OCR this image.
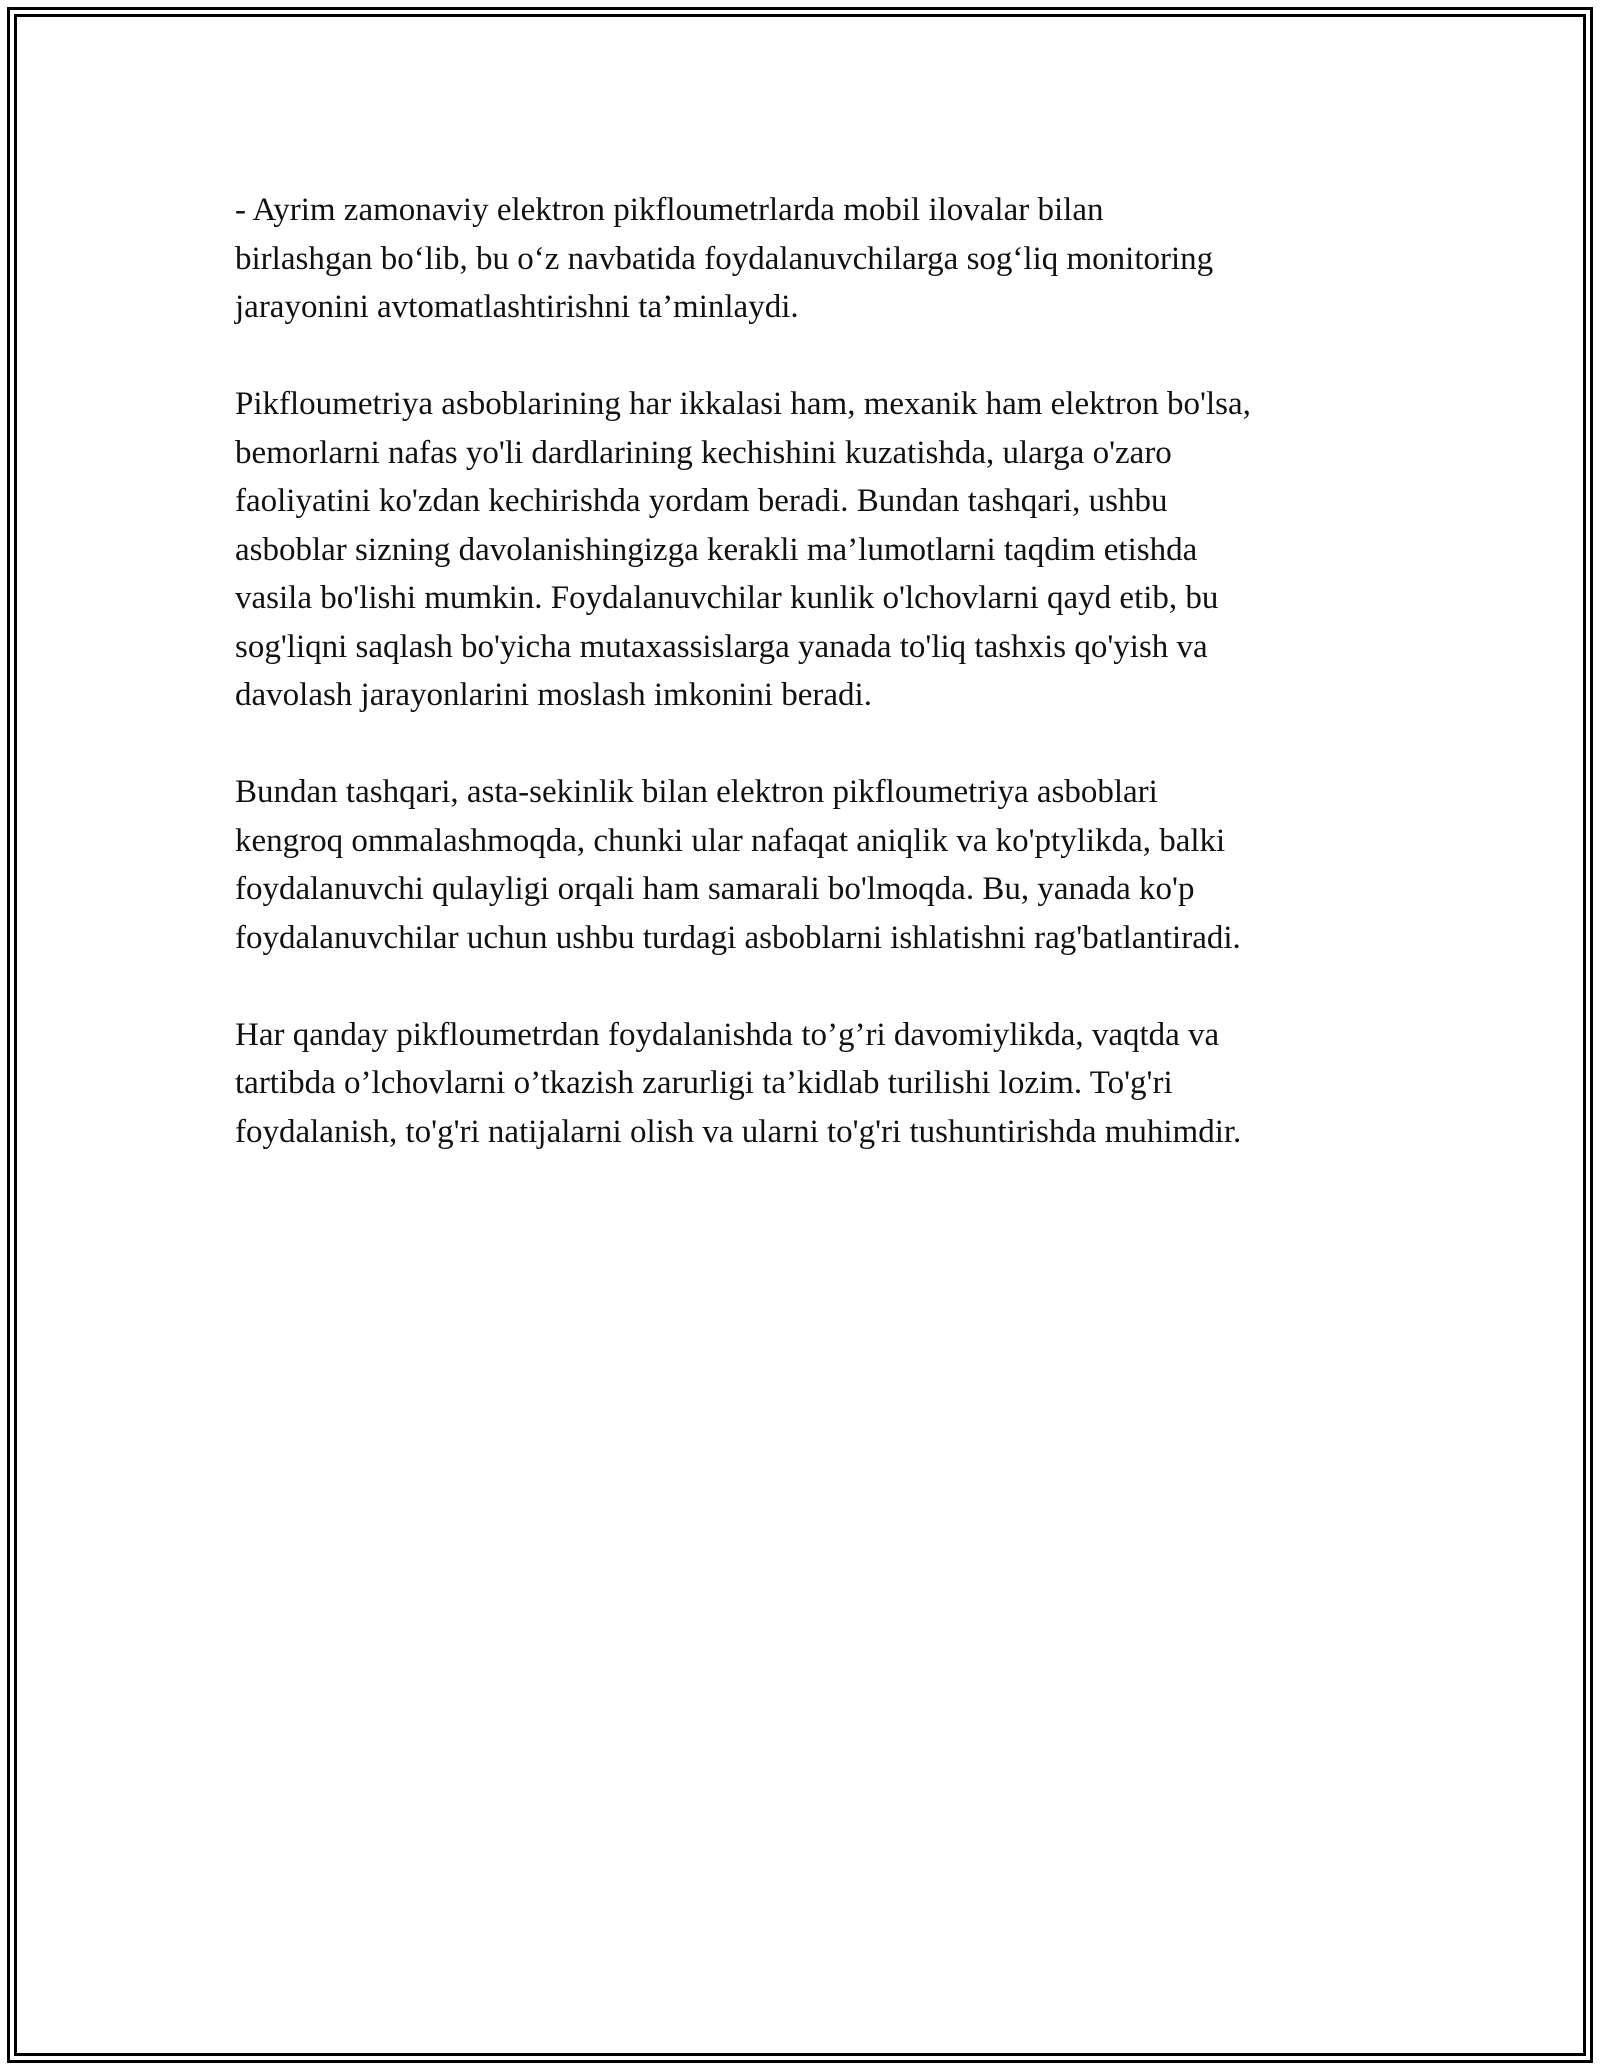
- Ayrim zamonaviy elektron pikfloumetrlarda mobil ilovalar bilan
birlashgan bo‘lib, bu o‘z navbatida foydalanuvchilarga sog‘liq monitoring
jarayonini avtomatlashtirishni ta’minlaydi.

Pikfloumetriya asboblarining har ikkalasi ham, mexanik ham elektron bo'lsa,
bemorlarni nafas yo'li dardlarining kechishini kuzatishda, ularga o'zaro
faoliyatini ko'zdan kechirishda yordam beradi. Bundan tashqari, ushbu
asboblar sizning davolanishingizga kerakli ma’lumotlarni taqdim etishda
vasila bo'lishi mumkin. Foydalanuvchilar kunlik o'lchovlarni qayd etib, bu
sog'liqni saqlash bo'yicha mutaxassislarga yanada to'liq tashxis qo'yish va
davolash jarayonlarini moslash imkonini beradi.

Bundan tashqari, asta-sekinlik bilan elektron pikfloumetriya asboblari
kengroq ommalashmoqda, chunki ular nafaqat aniqlik va ko'ptylikda, balki
foydalanuvchi qulayligi orqali ham samarali bo'lmoqda. Bu, yanada ko'p
foydalanuvchilar uchun ushbu turdagi asboblarni ishlatishni rag'batlantiradi.

Har qanday pikfloumetrdan foydalanishda to’g’ri davomiylikda, vaqtda va
tartibda o’lchovlarni o’tkazish zarurligi ta’kidlab turilishi lozim. To'g'ri
foydalanish, to'g'ri natijalarni olish va ularni to'g'ri tushuntirishda muhimdir.
